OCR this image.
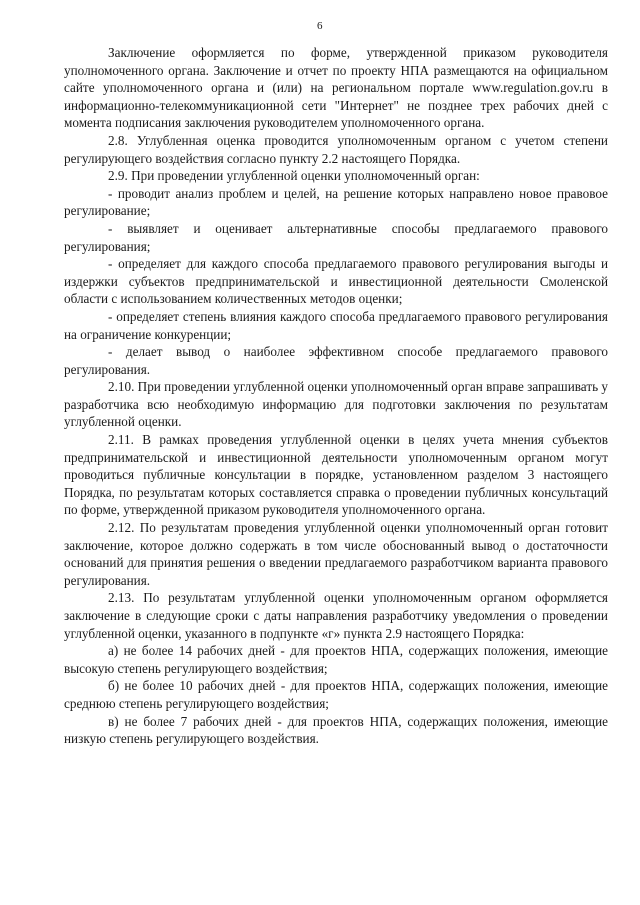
6

Заключение оформляется по форме, утвержденной приказом руководителя уполномоченного органа. Заключение и отчет по проекту НПА размещаются на официальном сайте уполномоченного органа и (или) на региональном портале www.regulation.gov.ru в информационно-телекоммуникационной сети "Интернет" не позднее трех рабочих дней с момента подписания заключения руководителем уполномоченного органа.

2.8. Углубленная оценка проводится уполномоченным органом с учетом степени регулирующего воздействия согласно пункту 2.2 настоящего Порядка.

2.9. При проведении углубленной оценки уполномоченный орган:

- проводит анализ проблем и целей, на решение которых направлено новое правовое регулирование;

- выявляет и оценивает альтернативные способы предлагаемого правового регулирования;

- определяет для каждого способа предлагаемого правового регулирования выгоды и издержки субъектов предпринимательской и инвестиционной деятельности Смоленской области с использованием количественных методов оценки;

- определяет степень влияния каждого способа предлагаемого правового регулирования на ограничение конкуренции;

- делает вывод о наиболее эффективном способе предлагаемого правового регулирования.

2.10. При проведении углубленной оценки уполномоченный орган вправе запрашивать у разработчика всю необходимую информацию для подготовки заключения по результатам углубленной оценки.

2.11. В рамках проведения углубленной оценки в целях учета мнения субъектов предпринимательской и инвестиционной деятельности уполномоченным органом могут проводиться публичные консультации в порядке, установленном разделом 3 настоящего Порядка, по результатам которых составляется справка о проведении публичных консультаций по форме, утвержденной приказом руководителя уполномоченного органа.

2.12. По результатам проведения углубленной оценки уполномоченный орган готовит заключение, которое должно содержать в том числе обоснованный вывод о достаточности оснований для принятия решения о введении предлагаемого разработчиком варианта правового регулирования.

2.13. По результатам углубленной оценки уполномоченным органом оформляется заключение в следующие сроки с даты направления разработчику уведомления о проведении углубленной оценки, указанного в подпункте «г» пункта 2.9 настоящего Порядка:

а) не более 14 рабочих дней - для проектов НПА, содержащих положения, имеющие высокую степень регулирующего воздействия;

б) не более 10 рабочих дней - для проектов НПА, содержащих положения, имеющие среднюю степень регулирующего воздействия;

в) не более 7 рабочих дней - для проектов НПА, содержащих положения, имеющие низкую степень регулирующего воздействия.
